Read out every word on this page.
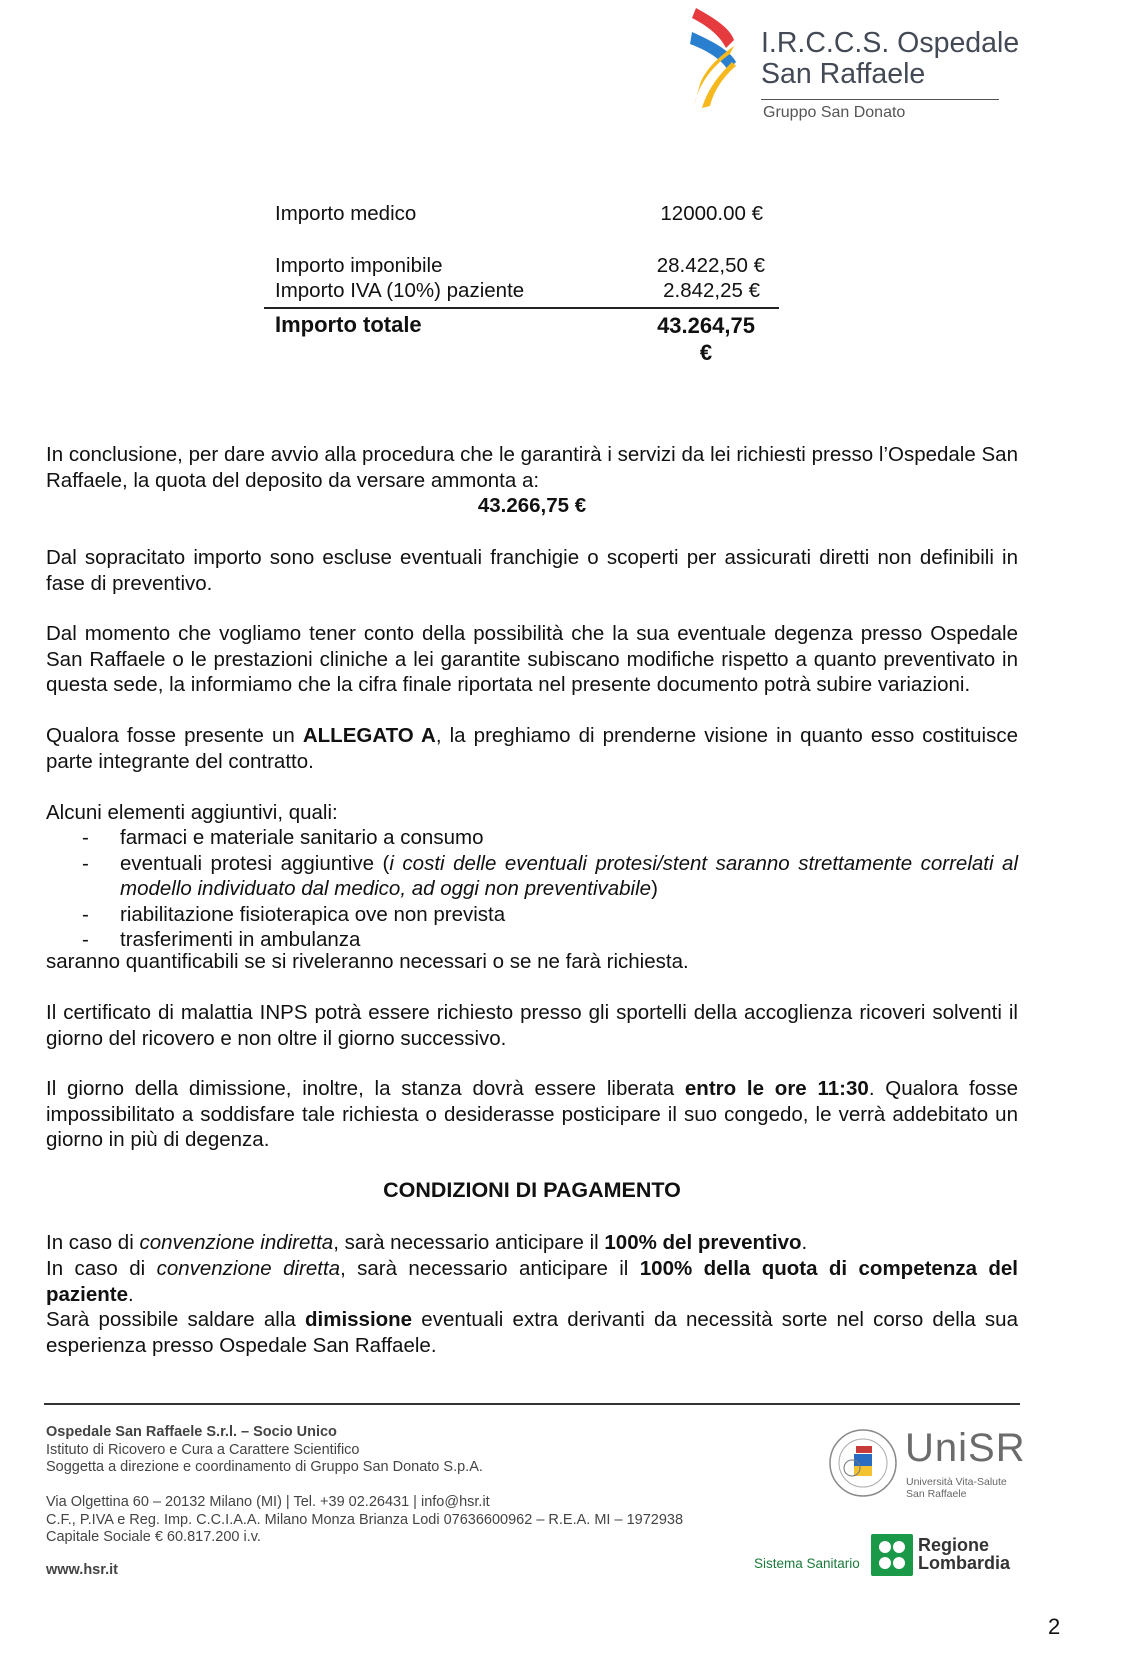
I.R.C.C.S. Ospedale
San Raffaele
Gruppo San Donato
Importo medico	12000.00 €
Importo imponibile	28.422,50 €
Importo IVA (10%) paziente	2.842,25 €
Importo totale	43.264,75
€

In conclusione, per dare avvio alla procedura che le garantirà i servizi da lei richiesti presso l’Ospedale San Raffaele, la quota del deposito da versare ammonta a:

43.266,75 €

Dal sopracitato importo sono escluse eventuali franchigie o scoperti per assicurati diretti non definibili in fase di preventivo.

Dal momento che vogliamo tener conto della possibilità che la sua eventuale degenza presso Ospedale San Raffaele o le prestazioni cliniche a lei garantite subiscano modifiche rispetto a quanto preventivato in questa sede, la informiamo che la cifra finale riportata nel presente documento potrà subire variazioni.

Qualora fosse presente un ALLEGATO A, la preghiamo di prenderne visione in quanto esso costituisce parte integrante del contratto.

Alcuni elementi aggiuntivi, quali:

- farmaci e materiale sanitario a consumo
- eventuali protesi aggiuntive (i costi delle eventuali protesi/stent saranno strettamente correlati al modello individuato dal medico, ad oggi non preventivabile)
- riabilitazione fisioterapica ove non prevista
- trasferimenti in ambulanza

saranno quantificabili se si riveleranno necessari o se ne farà richiesta.

Il certificato di malattia INPS potrà essere richiesto presso gli sportelli della accoglienza ricoveri solventi il giorno del ricovero e non oltre il giorno successivo.

Il giorno della dimissione, inoltre, la stanza dovrà essere liberata entro le ore 11:30. Qualora fosse impossibilitato a soddisfare tale richiesta o desiderasse posticipare il suo congedo, le verrà addebitato un giorno in più di degenza.

CONDIZIONI DI PAGAMENTO

In caso di convenzione indiretta, sarà necessario anticipare il 100% del preventivo.

In caso di convenzione diretta, sarà necessario anticipare il 100% della quota di competenza del paziente.

Sarà possibile saldare alla dimissione eventuali extra derivanti da necessità sorte nel corso della sua esperienza presso Ospedale San Raffaele.

Ospedale San Raffaele S.r.l. – Socio Unico
Istituto di Ricovero e Cura a Carattere Scientifico
Soggetta a direzione e coordinamento di Gruppo San Donato S.p.A.
Via Olgettina 60 – 20132 Milano (MI) | Tel. +39 02.26431 | info@hsr.it
C.F., P.IVA e Reg. Imp. C.C.I.A.A. Milano Monza Brianza Lodi 07636600962 – R.E.A. MI – 1972938
Capitale Sociale € 60.817.200 i.v.
www.hsr.it
UniSR
Università Vita-Salute
San Raffaele
Sistema Sanitario
Regione
Lombardia
2
